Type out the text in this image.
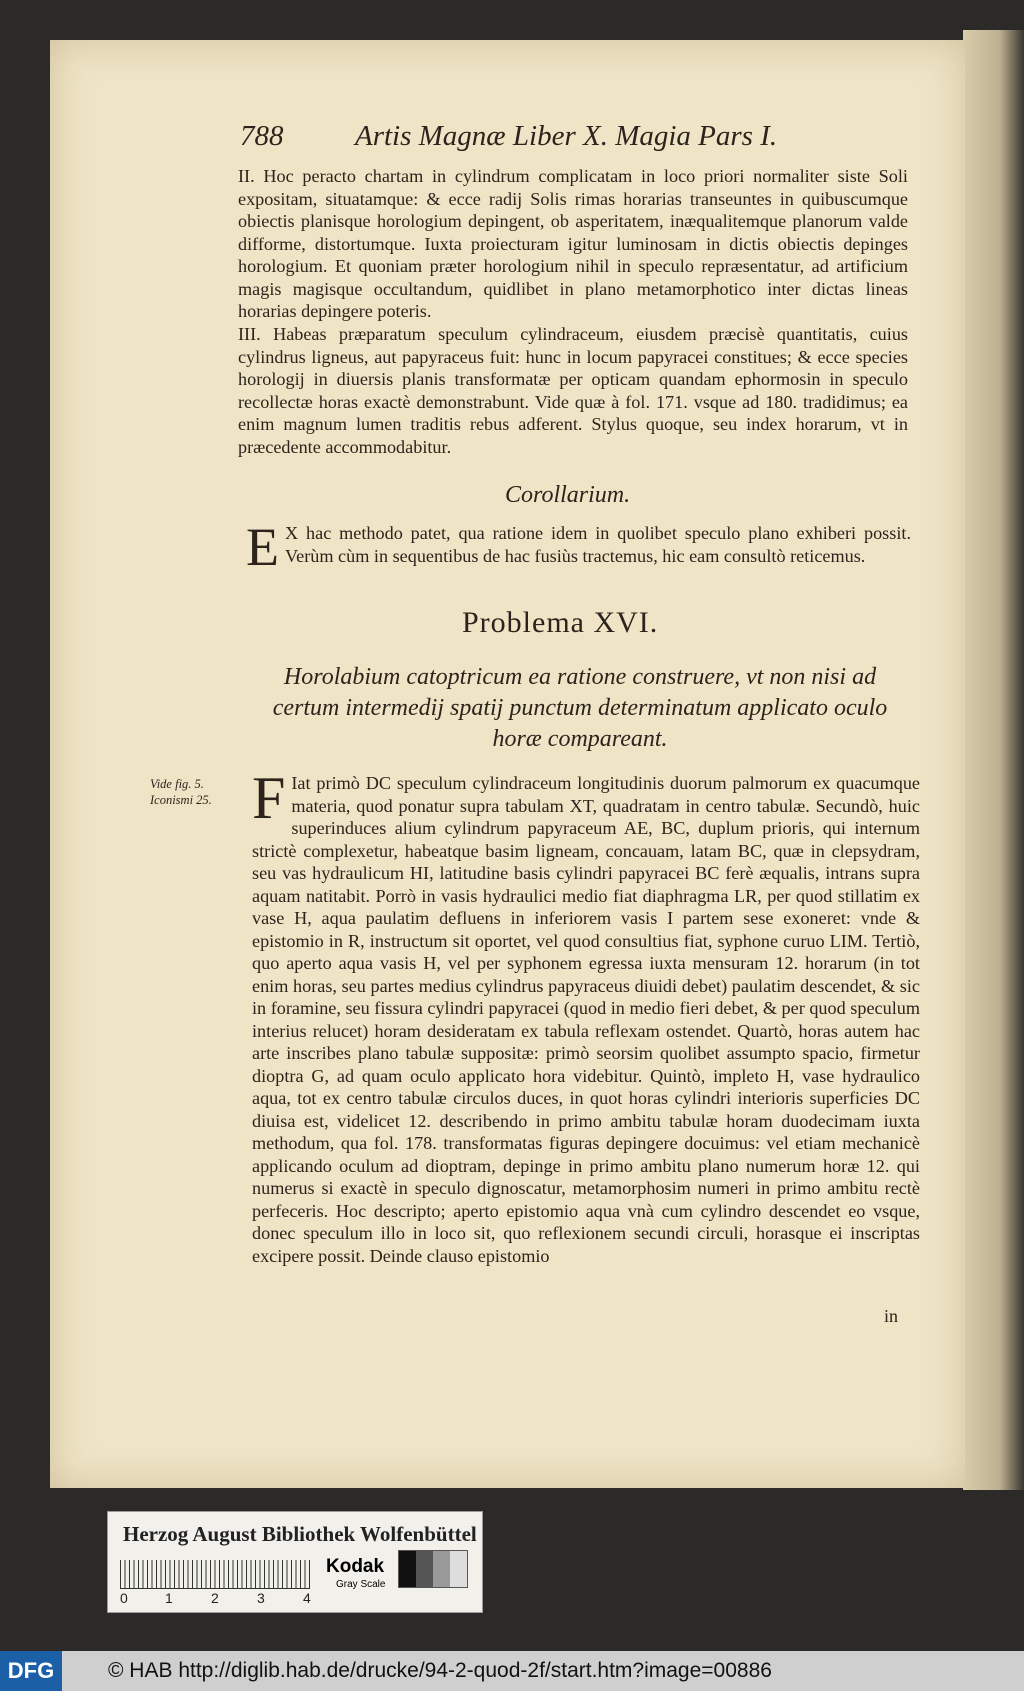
788 Artis Magnæ Liber X. Magia Pars I.
II. Hoc peracto chartam in cylindrum complicatam in loco priori normaliter siste Soli expositam, situatamque: & ecce radij Solis rimas horarias transeuntes in quibuscumque obiectis planisque horologium depingent, ob asperitatem, inæqualitemque planorum valde difforme, distortumque. Iuxta proiecturam igitur luminosam in dictis obiectis depinges horologium. Et quoniam præter horologium nihil in speculo repræsentatur, ad artificium magis magisque occultandum, quidlibet in plano metamorphotico inter dictas lineas horarias depingere poteris.
III. Habeas præparatum speculum cylindraceum, eiusdem præcisè quantitatis, cuius cylindrus ligneus, aut papyraceus fuit: hunc in locum papyracei constitues; & ecce species horologij in diuersis planis transformatæ per opticam quandam ephormosin in speculo recollectæ horas exactè demonstrabunt. Vide quæ à fol. 171. vsque ad 180. tradidimus; ea enim magnum lumen traditis rebus adferent. Stylus quoque, seu index horarum, vt in præcedente accommodabitur.
Corollarium.
E X hac methodo patet, qua ratione idem in quolibet speculo plano exhiberi possit. Verùm cùm in sequentibus de hac fusiùs tractemus, hic eam consultò reticemus.
Problema XVI.
Horolabium catoptricum ea ratione construere, vt non nisi ad certum intermedij spatij punctum determinatum applicato oculo horæ compareant.
Vide fig. 5. Iconismi 25. F Iat primò DC speculum cylindraceum longitudinis duorum palmorum ex quacumque materia, quod ponatur supra tabulam XT, quadratam in centro tabulæ. Secundò, huic superinduces alium cylindrum papyraceum AE, BC, duplum prioris, qui internum strictè complexetur, habeatque basim ligneam, concauam, latam BC, quæ in clepsydram, seu vas hydraulicum HI, latitudine basis cylindri papyracei BC ferè æqualis, intrans supra aquam natitabit. Porrò in vasis hydraulici medio fiat diaphragma LR, per quod stillatim ex vase H, aqua paulatim defluens in inferiorem vasis I partem sese exoneret: vnde & epistomio in R, instructum sit oportet, vel quod consultius fiat, syphone curuo LIM. Tertiò, quo aperto aqua vasis H, vel per syphonem egressa iuxta mensuram 12. horarum (in tot enim horas, seu partes medius cylindrus papyraceus diuidi debet) paulatim descendet, & sic in foramine, seu fissura cylindri papyracei (quod in medio fieri debet, & per quod speculum interius relucet) horam desideratam ex tabula reflexam ostendet. Quartò, horas autem hac arte inscribes plano tabulæ suppositæ: primò seorsim quolibet assumpto spacio, firmetur dioptra G, ad quam oculo applicato hora videbitur. Quintò, impleto H, vase hydraulico aqua, tot ex centro tabulæ circulos duces, in quot horas cylindri interioris superficies DC diuisa est, videlicet 12. describendo in primo ambitu tabulæ horam duodecimam iuxta methodum, qua fol. 178. transformatas figuras depingere docuimus: vel etiam mechanicè applicando oculum ad dioptram, depinge in primo ambitu plano numerum horæ 12. qui numerus si exactè in speculo dignoscatur, metamorphosim numeri in primo ambitu rectè perfeceris. Hoc descripto; aperto epistomio aqua vnà cum cylindro descendet eo vsque, donec speculum illo in loco sit, quo reflexionem secundi circuli, horasque ei inscriptas excipere possit. Deinde clauso epistomio
in
Herzog August Bibliothek Wolfenbüttel
0	1	2	3	4
Kodak
Gray Scale
DFG	© HAB http://diglib.hab.de/drucke/94-2-quod-2f/start.htm?image=00886
